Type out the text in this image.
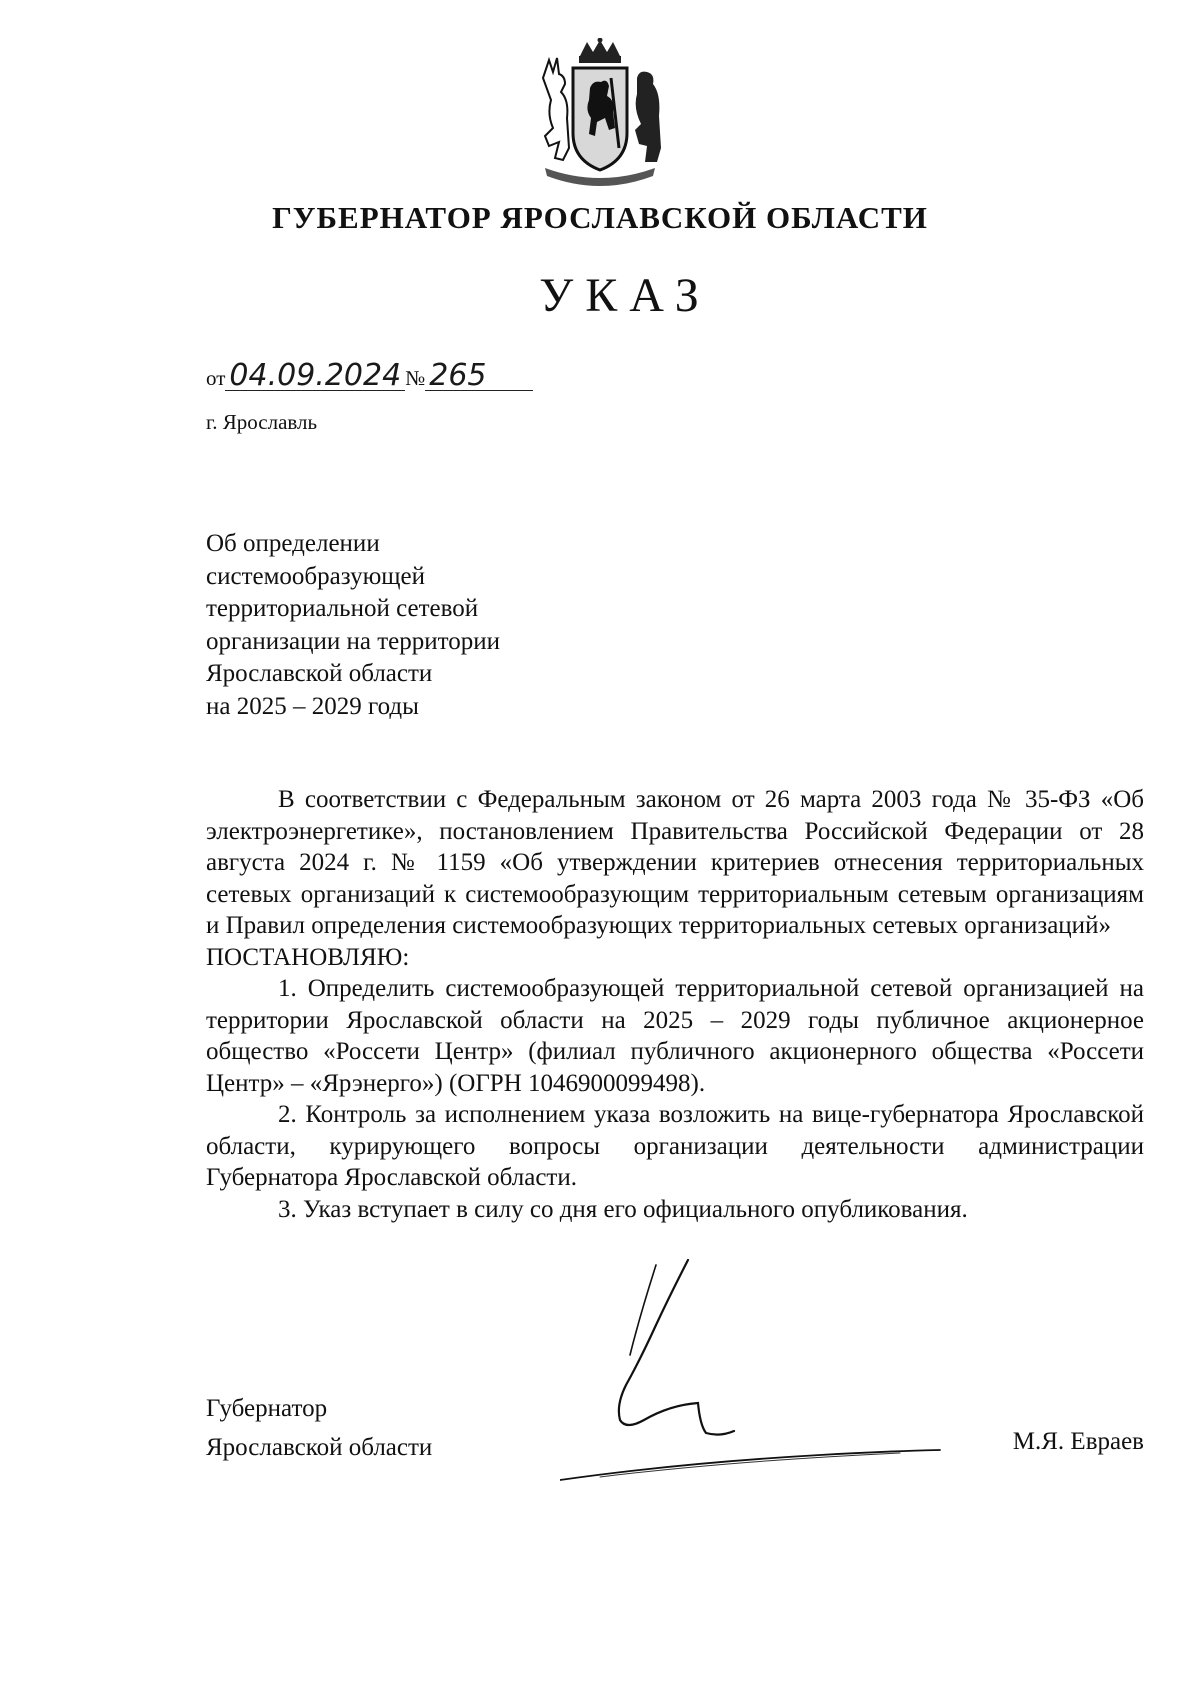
ГУБЕРНАТОР ЯРОСЛАВСКОЙ ОБЛАСТИ
УКАЗ
от 04.09.2024 № 265
г. Ярославль
Об определении
системообразующей
территориальной сетевой
организации на территории
Ярославской области
на 2025 – 2029 годы

В соответствии с Федеральным законом от 26 марта 2003 года № 35-ФЗ «Об электроэнергетике», постановлением Правительства Российской Федерации от 28 августа 2024 г. № 1159 «Об утверждении критериев отнесения территориальных сетевых организаций к системообразующим территориальным сетевым организациям и Правил определения системообразующих территориальных сетевых организаций»

ПОСТАНОВЛЯЮ:

1. Определить системообразующей территориальной сетевой организацией на территории Ярославской области на 2025 – 2029 годы публичное акционерное общество «Россети Центр» (филиал публичного акционерного общества «Россети Центр» – «Ярэнерго») (ОГРН 1046900099498).

2. Контроль за исполнением указа возложить на вице-губернатора Ярославской области, курирующего вопросы организации деятельности администрации Губернатора Ярославской области.

3. Указ вступает в силу со дня его официального опубликования.

Губернатор
Ярославской области	М.Я. Евраев
